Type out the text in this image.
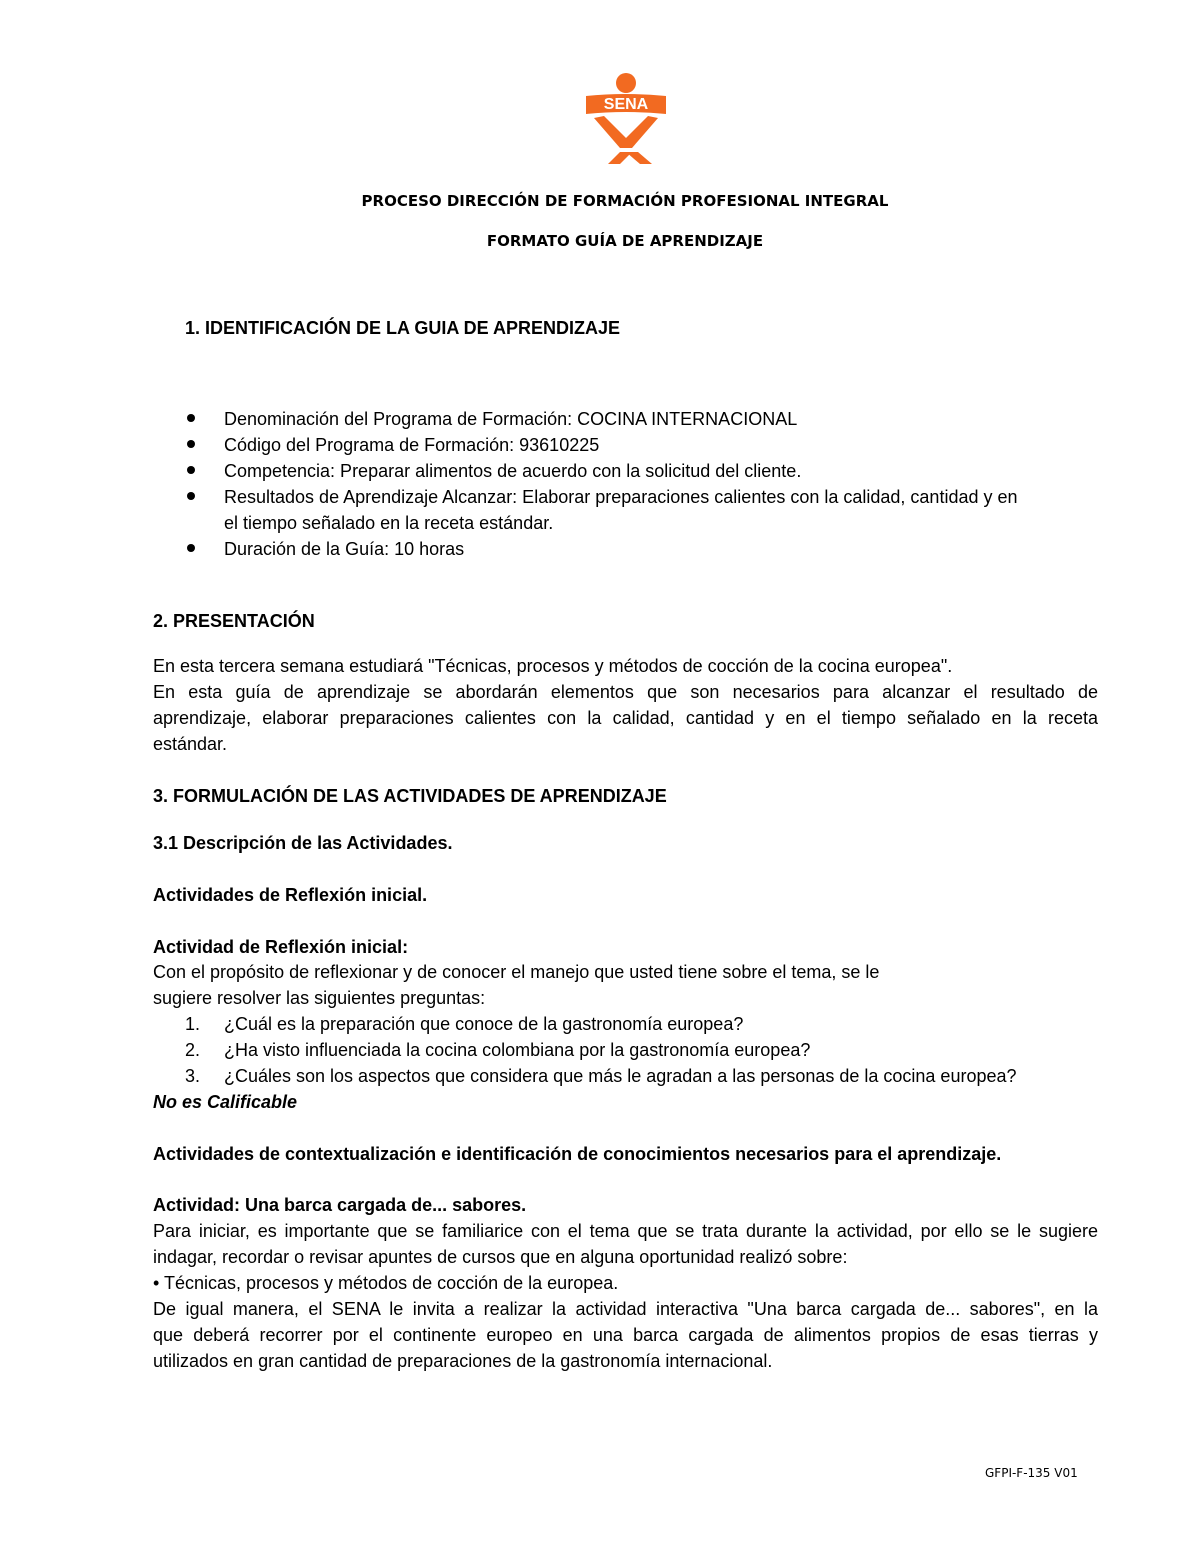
SENA
PROCESO DIRECCIÓN DE FORMACIÓN PROFESIONAL INTEGRAL
FORMATO GUÍA DE APRENDIZAJE
1. IDENTIFICACIÓN DE LA GUIA DE APRENDIZAJE
Denominación del Programa de Formación: COCINA INTERNACIONAL
Código del Programa de Formación: 93610225
Competencia: Preparar alimentos de acuerdo con la solicitud del cliente.
Resultados de Aprendizaje Alcanzar: Elaborar preparaciones calientes con la calidad, cantidad y en
el tiempo señalado en la receta estándar.
Duración de la Guía: 10 horas
2. PRESENTACIÓN
En esta tercera semana estudiará "Técnicas, procesos y métodos de cocción de la cocina europea".
En esta guía de aprendizaje se abordarán elementos que son necesarios para alcanzar el resultado de
aprendizaje, elaborar preparaciones calientes con la calidad, cantidad y en el tiempo señalado en la receta
estándar.
3. FORMULACIÓN DE LAS ACTIVIDADES DE APRENDIZAJE
3.1 Descripción de las Actividades.
Actividades de Reflexión inicial.
Actividad de Reflexión inicial:
Con el propósito de reflexionar y de conocer el manejo que usted tiene sobre el tema, se le
sugiere resolver las siguientes preguntas:
1. ¿Cuál es la preparación que conoce de la gastronomía europea?
2. ¿Ha visto influenciada la cocina colombiana por la gastronomía europea?
3. ¿Cuáles son los aspectos que considera que más le agradan a las personas de la cocina europea?
No es Calificable
Actividades de contextualización e identificación de conocimientos necesarios para el aprendizaje.
Actividad: Una barca cargada de... sabores.
Para iniciar, es importante que se familiarice con el tema que se trata durante la actividad, por ello se le sugiere
indagar, recordar o revisar apuntes de cursos que en alguna oportunidad realizó sobre:
• Técnicas, procesos y métodos de cocción de la europea.
De igual manera, el SENA le invita a realizar la actividad interactiva "Una barca cargada de... sabores", en la
que deberá recorrer por el continente europeo en una barca cargada de alimentos propios de esas tierras y
utilizados en gran cantidad de preparaciones de la gastronomía internacional.
GFPI-F-135 V01
